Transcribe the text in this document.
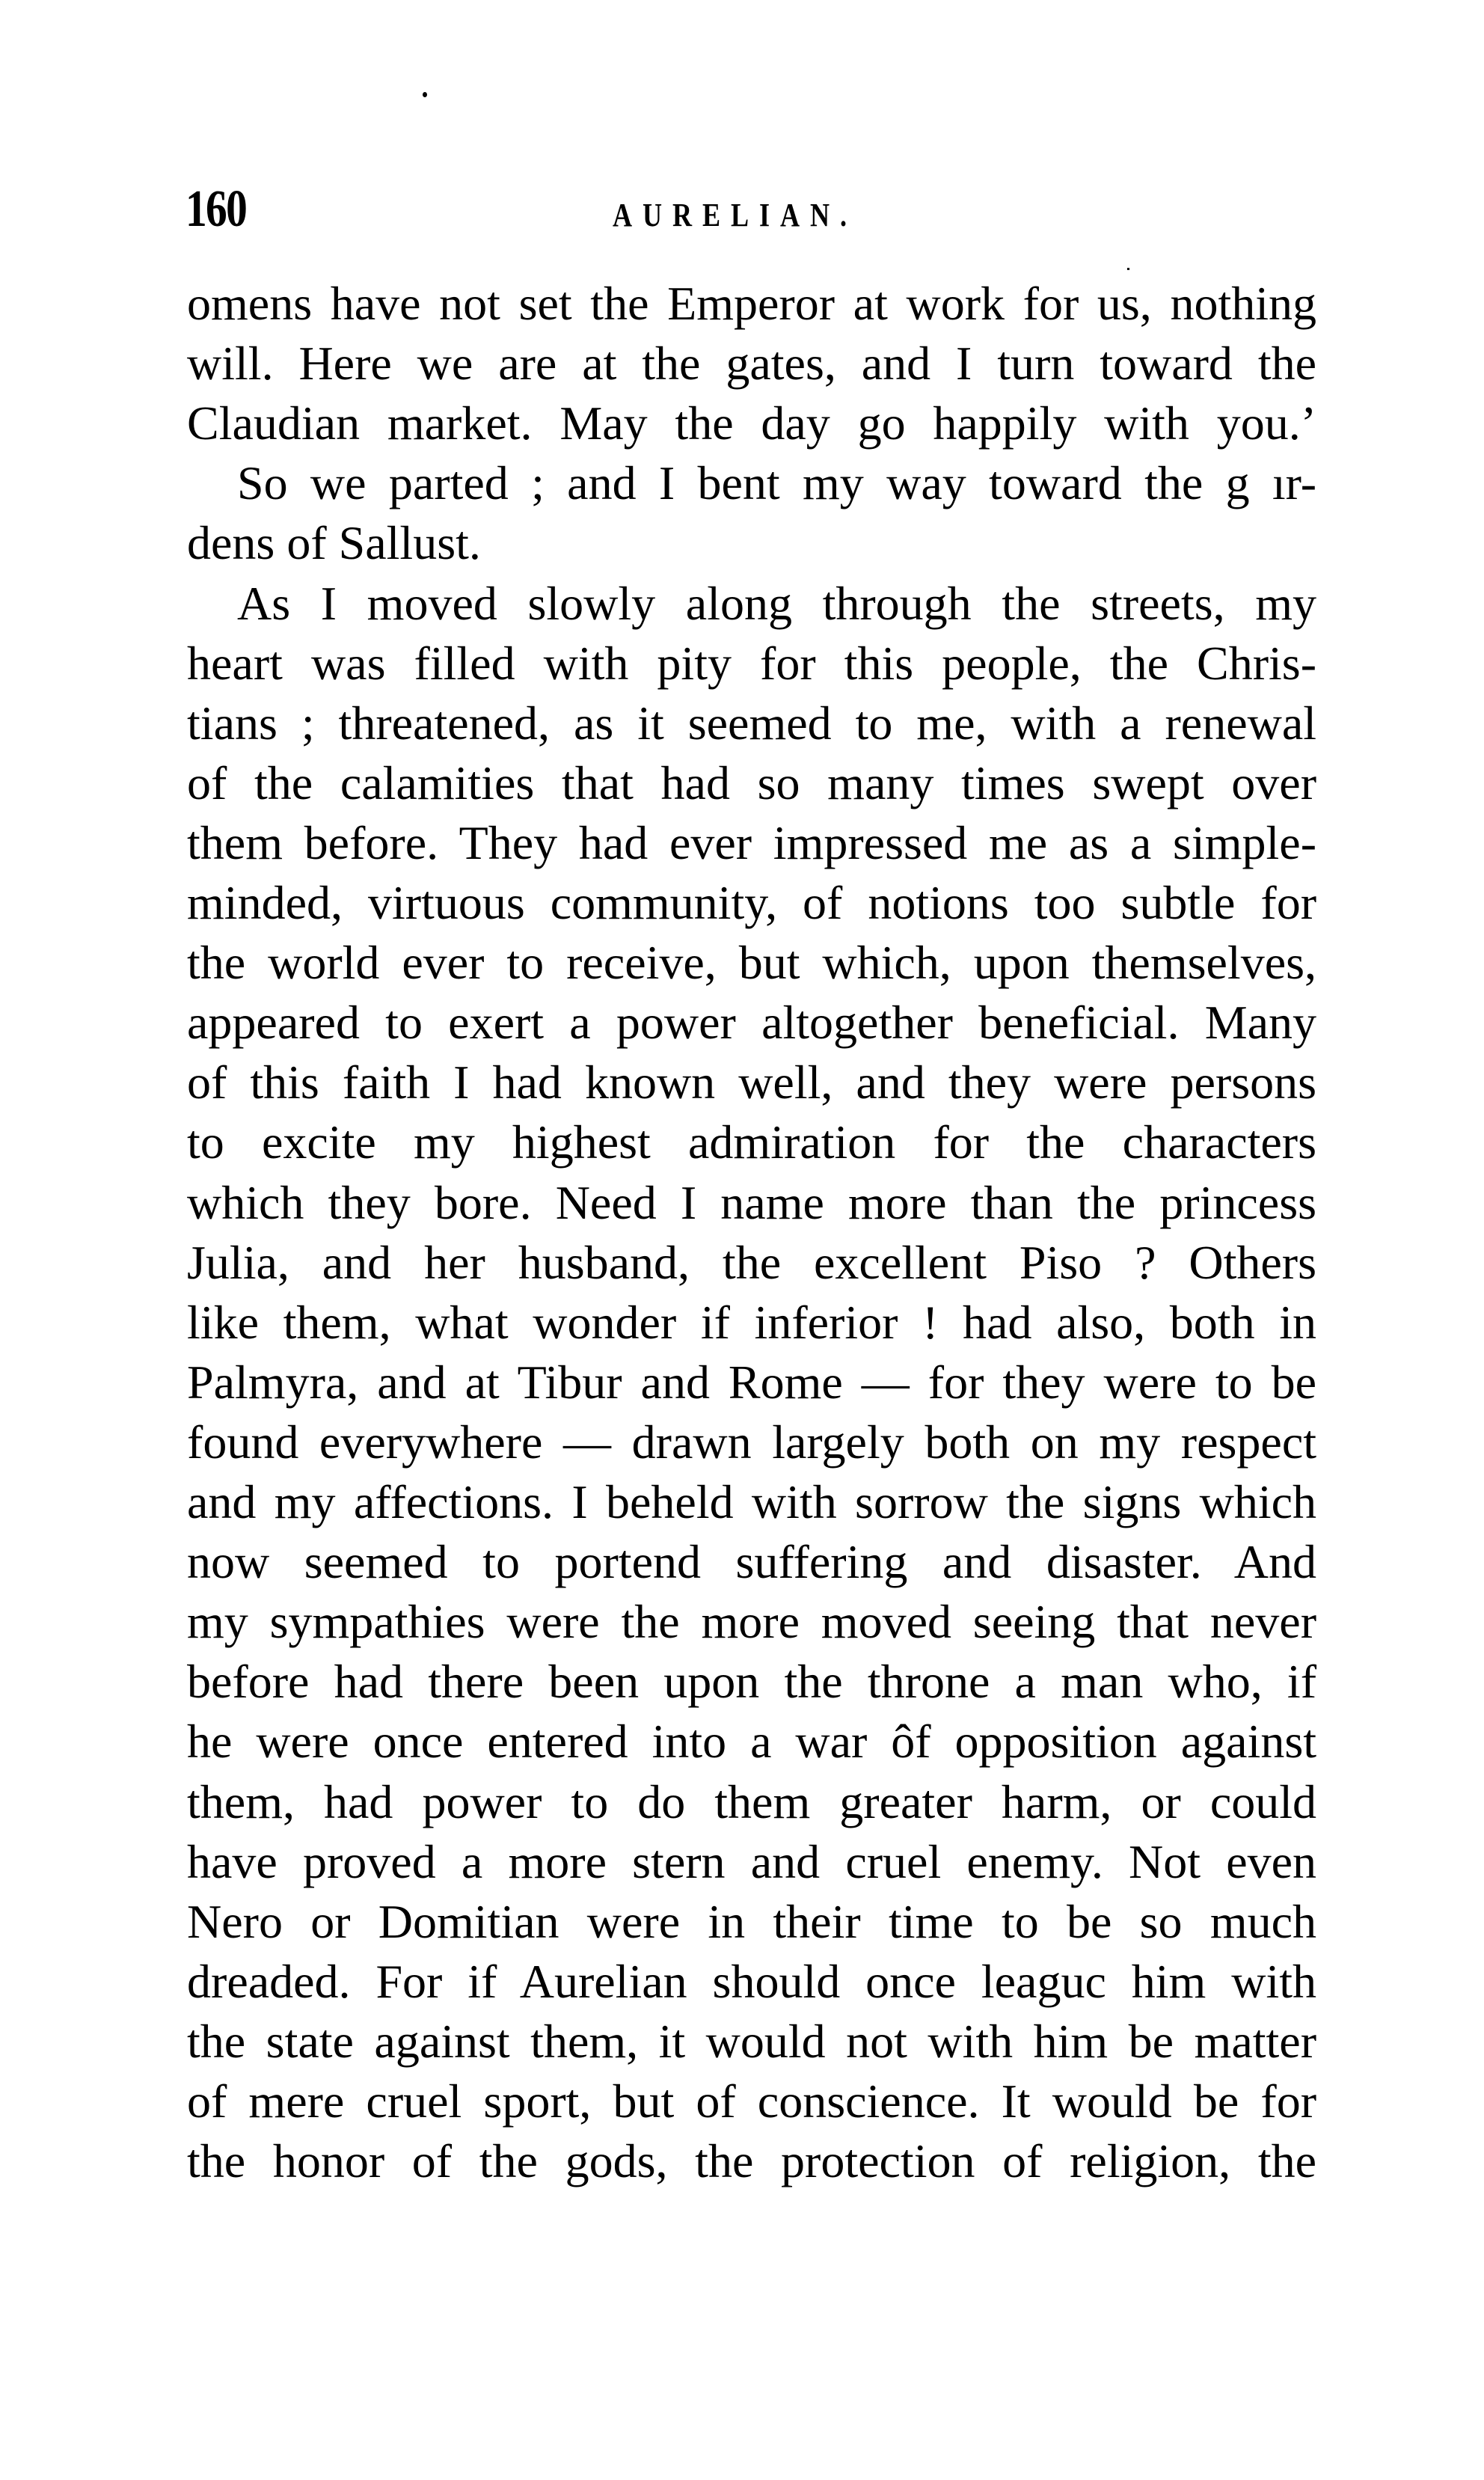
160	AURELIAN.
omens have not set the Emperor at work for us, nothing
will. Here we are at the gates, and I turn toward the
Claudian market. May the day go happily with you.’
So we parted ; and I bent my way toward the g ır-
dens of Sallust.
As I moved slowly along through the streets, my
heart was filled with pity for this people, the Chris-
tians ; threatened, as it seemed to me, with a renewal
of the calamities that had so many times swept over
them before. They had ever impressed me as a simple-
minded, virtuous community, of notions too subtle for
the world ever to receive, but which, upon themselves,
appeared to exert a power altogether beneficial. Many
of this faith I had known well, and they were persons
to excite my highest admiration for the characters
which they bore. Need I name more than the princess
Julia, and her husband, the excellent Piso ? Others
like them, what wonder if inferior ! had also, both in
Palmyra, and at Tibur and Rome — for they were to be
found everywhere — drawn largely both on my respect
and my affections. I beheld with sorrow the signs which
now seemed to portend suffering and disaster. And
my sympathies were the more moved seeing that never
before had there been upon the throne a man who, if
he were once entered into a war ôf opposition against
them, had power to do them greater harm, or could
have proved a more stern and cruel enemy. Not even
Nero or Domitian were in their time to be so much
dreaded. For if Aurelian should once leaguc him with
the state against them, it would not with him be matter
of mere cruel sport, but of conscience. It would be for
the honor of the gods, the protection of religion, the
